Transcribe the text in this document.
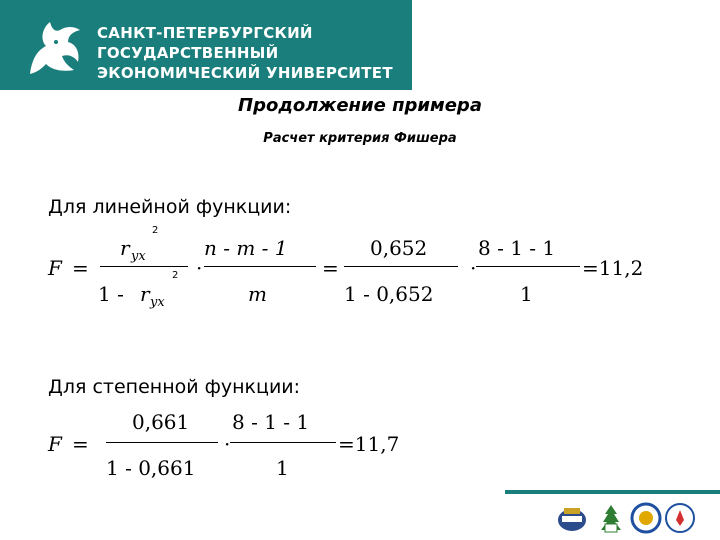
САНКТ-ПЕТЕРБУРГСКИЙ
ГОСУДАРСТВЕННЫЙ
ЭКОНОМИЧЕСКИЙ УНИВЕРСИТЕТ
Продолжение примера
Расчет критерия Фишера
Для линейной функции:
F =
2
r yx
1 - r yx
2 ·
n - m - 1
m
=
0,652
1 - 0,652
·
8 - 1 - 1
1
=11,2
Для степенной функции:
F =
0,661
1 - 0,661
·
8 - 1 - 1
1
=11,7
